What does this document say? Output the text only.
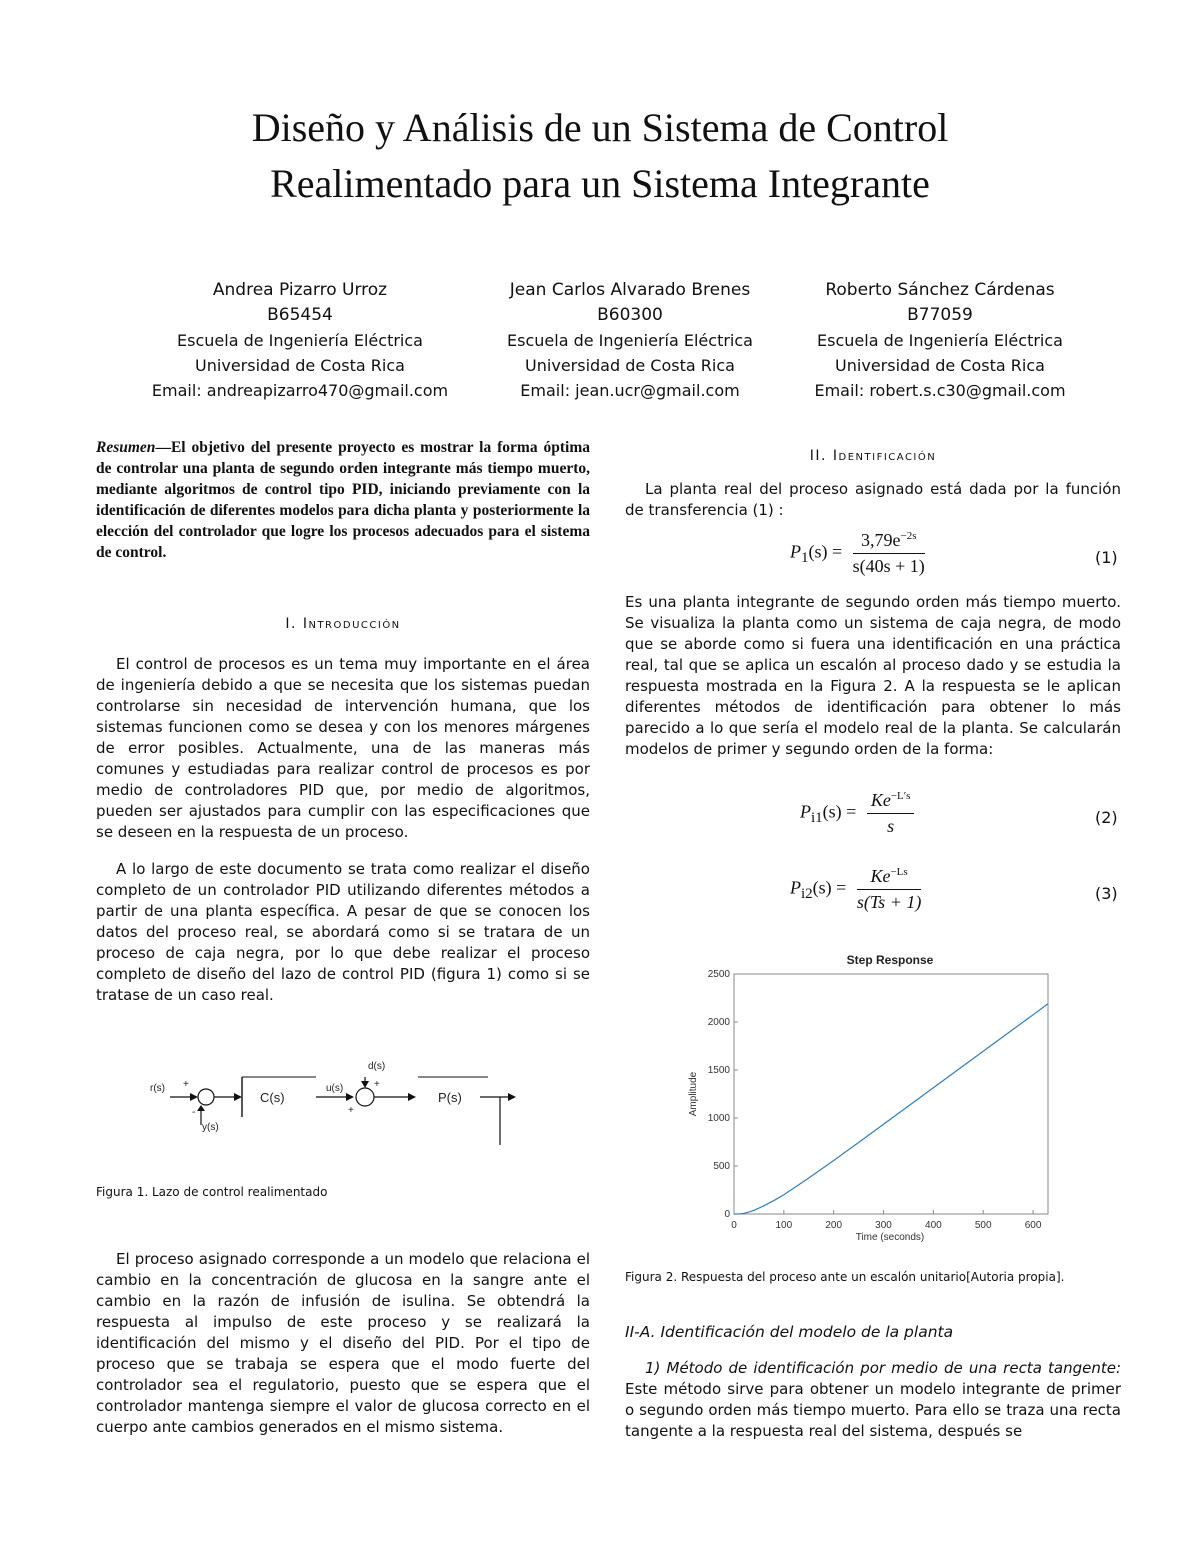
Diseño y Análisis de un Sistema de Control
Realimentado para un Sistema Integrante
Andrea Pizarro Urroz
B65454
Escuela de Ingeniería Eléctrica
Universidad de Costa Rica
Email: andreapizarro470@gmail.com
Jean Carlos Alvarado Brenes
B60300
Escuela de Ingeniería Eléctrica
Universidad de Costa Rica
Email: jean.ucr@gmail.com
Roberto Sánchez Cárdenas
B77059
Escuela de Ingeniería Eléctrica
Universidad de Costa Rica
Email: robert.s.c30@gmail.com
Resumen—El objetivo del presente proyecto es mostrar la forma óptima de controlar una planta de segundo orden integrante más tiempo muerto, mediante algoritmos de control tipo PID, iniciando previamente con la identificación de diferentes modelos para dicha planta y posteriormente la elección del controlador que logre los procesos adecuados para el sistema de control.
I. Introducción

El control de procesos es un tema muy importante en el área de ingeniería debido a que se necesita que los sistemas puedan controlarse sin necesidad de intervención humana, que los sistemas funcionen como se desea y con los menores márgenes de error posibles. Actualmente, una de las maneras más comunes y estudiadas para realizar control de procesos es por medio de controladores PID que, por medio de algoritmos, pueden ser ajustados para cumplir con las especificaciones que se deseen en la respuesta de un proceso.

A lo largo de este documento se trata como realizar el diseño completo de un controlador PID utilizando diferentes métodos a partir de una planta específica. A pesar de que se conocen los datos del proceso real, se abordará como si se tratara de un proceso de caja negra, por lo que debe realizar el proceso completo de diseño del lazo de control PID (figura 1) como si se tratase de un caso real.

r(s) +
-
y(s)
C(s)
u(s)
d(s)
+
+
P(s)
Figura 1. Lazo de control realimentado

El proceso asignado corresponde a un modelo que relaciona el cambio en la concentración de glucosa en la sangre ante el cambio en la razón de infusión de isulina. Se obtendrá la respuesta al impulso de este proceso y se realizará la identificación del mismo y el diseño del PID. Por el tipo de proceso que se trabaja se espera que el modo fuerte del controlador sea el regulatorio, puesto que se espera que el controlador mantenga siempre el valor de glucosa correcto en el cuerpo ante cambios generados en el mismo sistema.

II. Identificación

La planta real del proceso asignado está dada por la función de transferencia (1) :

$P_1(s) = \frac{3,79e^{-2s}}{s(40s + 1)}$	(1)

Es una planta integrante de segundo orden más tiempo muerto. Se visualiza la planta como un sistema de caja negra, de modo que se aborde como si fuera una identificación en una práctica real, tal que se aplica un escalón al proceso dado y se estudia la respuesta mostrada en la Figura 2. A la respuesta se le aplican diferentes métodos de identificación para obtener lo más parecido a lo que sería el modelo real de la planta. Se calcularán modelos de primer y segundo orden de la forma:

$P_{i1}(s) = \frac{Ke^{-L's}}{s}$	(2)
$P_{i2}(s) = \frac{Ke^{-Ls}}{s(Ts + 1)}$	(3)
Step Response
0
500
1000
1500
2000
2500
0	100	200	300	400	500	600
Time (seconds)
Amplitude
Figura 2. Respuesta del proceso ante un escalón unitario[Autoria propia].
II-A. Identificación del modelo de la planta

1) Método de identificación por medio de una recta tangente: Este método sirve para obtener un modelo integrante de primer o segundo orden más tiempo muerto. Para ello se traza una recta tangente a la respuesta real del sistema, después se
